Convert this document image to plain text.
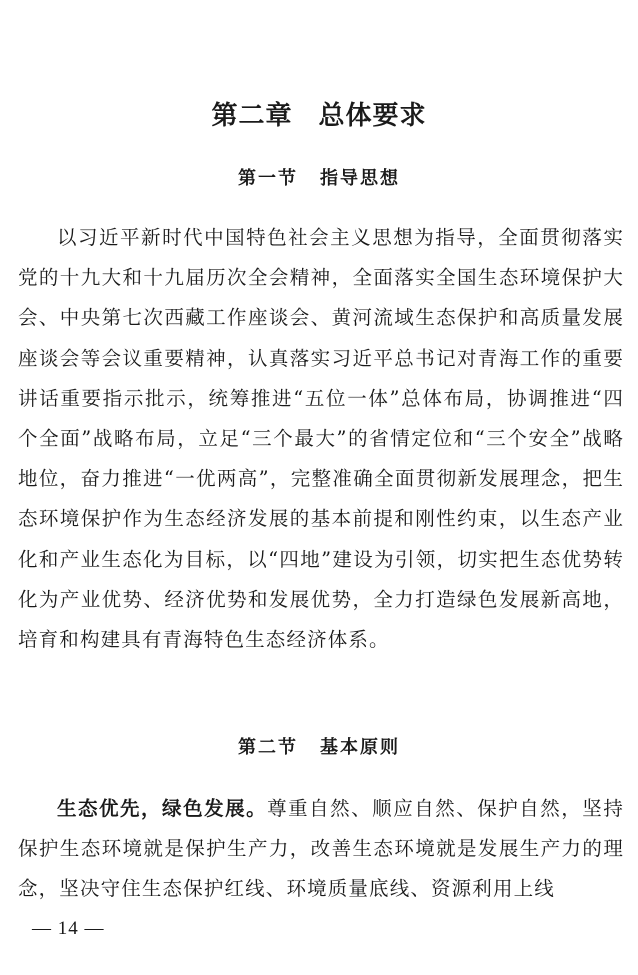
第二章 总体要求
第一节 指导思想
以习近平新时代中国特色社会主义思想为指导，全面贯彻落实党的十九大和十九届历次全会精神，全面落实全国生态环境保护大会、中央第七次西藏工作座谈会、黄河流域生态保护和高质量发展座谈会等会议重要精神，认真落实习近平总书记对青海工作的重要讲话重要指示批示，统筹推进“五位一体”总体布局，协调推进“四个全面”战略布局，立足“三个最大”的省情定位和“三个安全”战略地位，奋力推进“一优两高”，完整准确全面贯彻新发展理念，把生态环境保护作为生态经济发展的基本前提和刚性约束，以生态产业化和产业生态化为目标，以“四地”建设为引领，切实把生态优势转化为产业优势、经济优势和发展优势，全力打造绿色发展新高地，培育和构建具有青海特色生态经济体系。
第二节 基本原则
生态优先，绿色发展。尊重自然、顺应自然、保护自然，坚持保护生态环境就是保护生产力，改善生态环境就是发展生产力的理念，坚决守住生态保护红线、环境质量底线、资源利用上线
— 14 —
